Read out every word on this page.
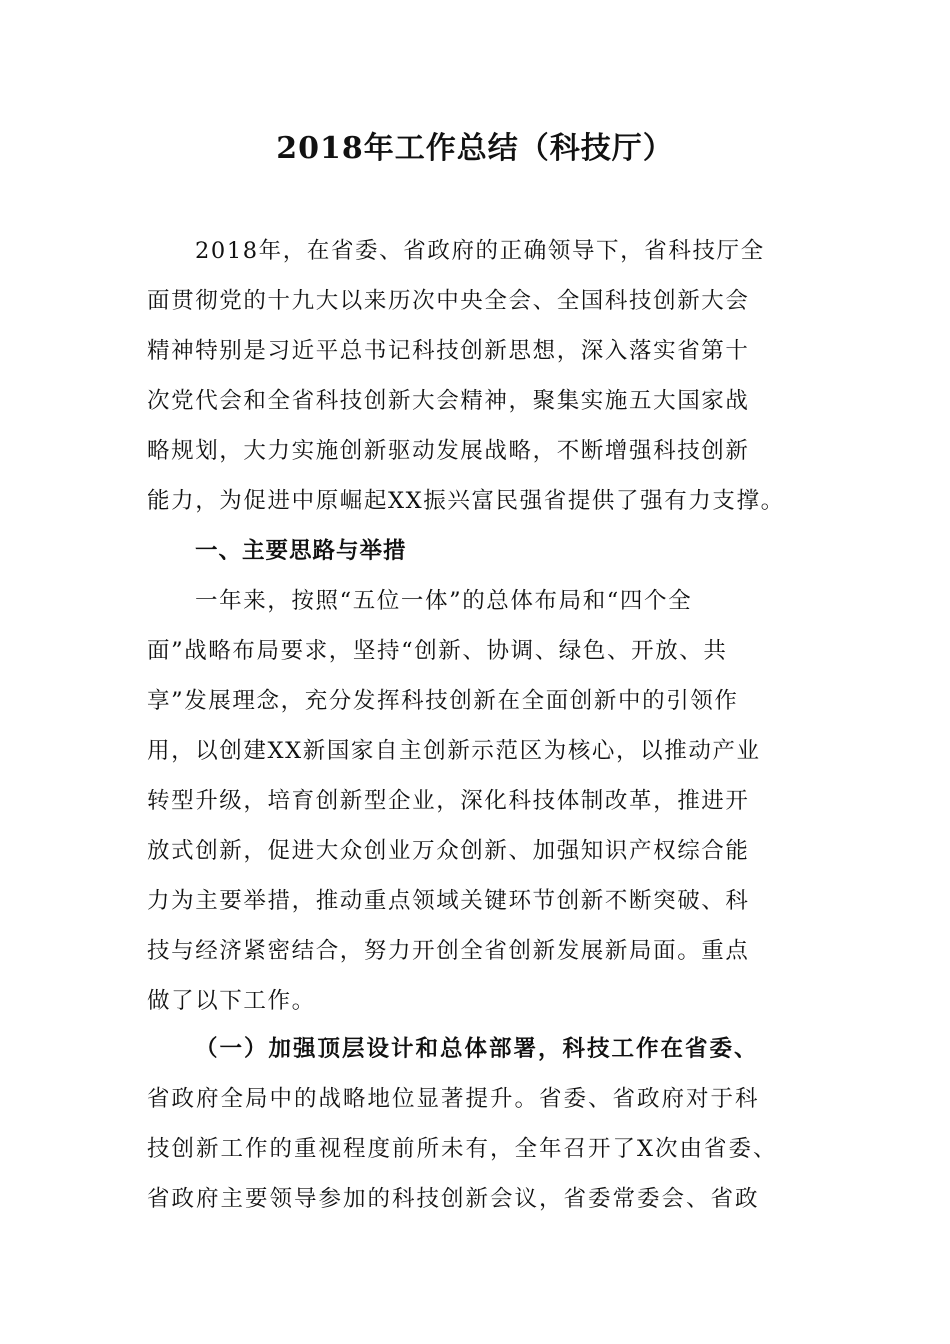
2018年工作总结（科技厅）
2018年，在省委、省政府的正确领导下，省科技厅全
面贯彻党的十九大以来历次中央全会、全国科技创新大会
精神特别是习近平总书记科技创新思想，深入落实省第十
次党代会和全省科技创新大会精神，聚集实施五大国家战
略规划，大力实施创新驱动发展战略，不断增强科技创新
能力，为促进中原崛起XX振兴富民强省提供了强有力支撑。
一、主要思路与举措
一年来，按照“五位一体”的总体布局和“四个全
面”战略布局要求，坚持“创新、协调、绿色、开放、共
享”发展理念，充分发挥科技创新在全面创新中的引领作
用，以创建XX新国家自主创新示范区为核心，以推动产业
转型升级，培育创新型企业，深化科技体制改革，推进开
放式创新，促进大众创业万众创新、加强知识产权综合能
力为主要举措，推动重点领域关键环节创新不断突破、科
技与经济紧密结合，努力开创全省创新发展新局面。重点
做了以下工作。
（一）加强顶层设计和总体部署，科技工作在省委、
省政府全局中的战略地位显著提升。省委、省政府对于科
技创新工作的重视程度前所未有，全年召开了X次由省委、
省政府主要领导参加的科技创新会议，省委常委会、省政
